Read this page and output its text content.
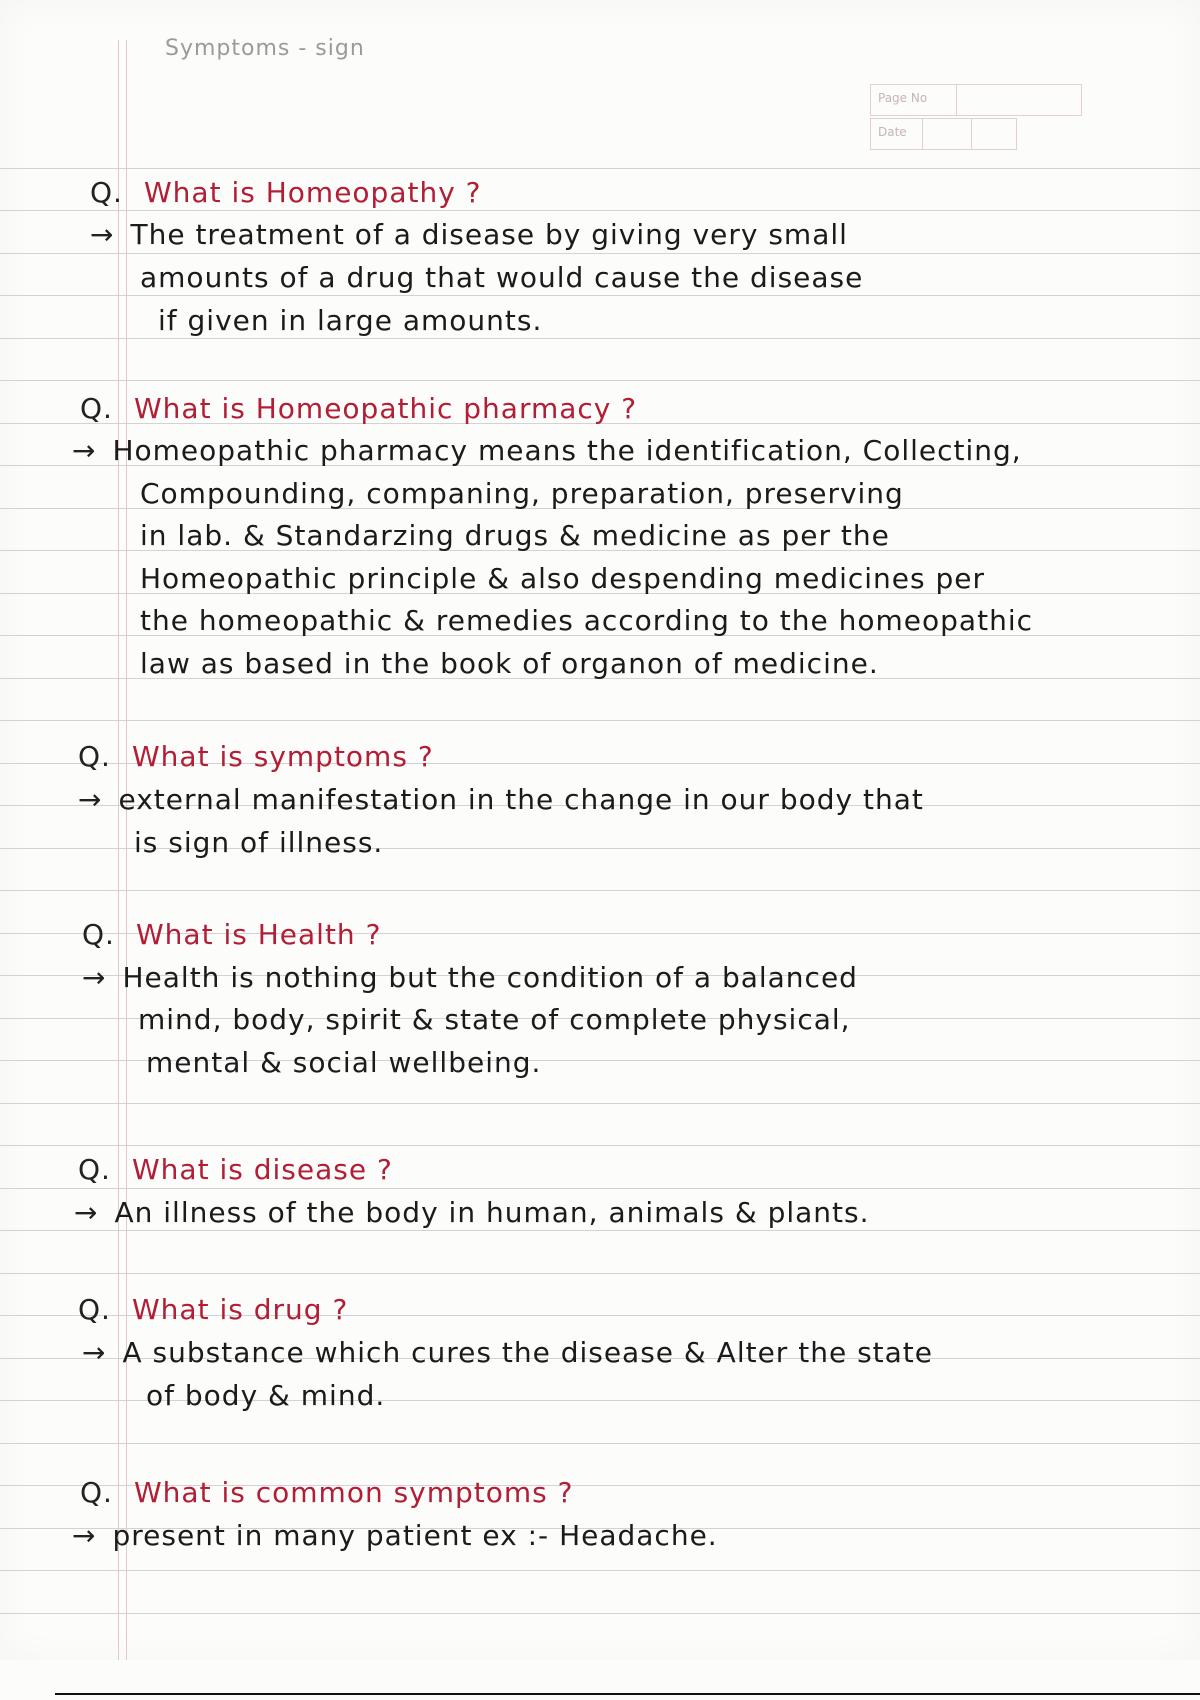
Symptoms - sign
Page No
Date
Q. What is Homeopathy ?
→ The treatment of a disease by giving very small
amounts of a drug that would cause the disease
if given in large amounts.
Q. What is Homeopathic pharmacy ?
→ Homeopathic pharmacy means the identification, Collecting,
Compounding, companing, preparation, preserving
in lab. & Standarzing drugs & medicine as per the
Homeopathic principle & also despending medicines per
the homeopathic & remedies according to the homeopathic
law as based in the book of organon of medicine.
Q. What is symptoms ?
→ external manifestation in the change in our body that
is sign of illness.
Q. What is Health ?
→ Health is nothing but the condition of a balanced
mind, body, spirit & state of complete physical,
mental & social wellbeing.
Q. What is disease ?
→ An illness of the body in human, animals & plants.
Q. What is drug ?
→ A substance which cures the disease & Alter the state
of body & mind.
Q. What is common symptoms ?
→ present in many patient ex :- Headache.
